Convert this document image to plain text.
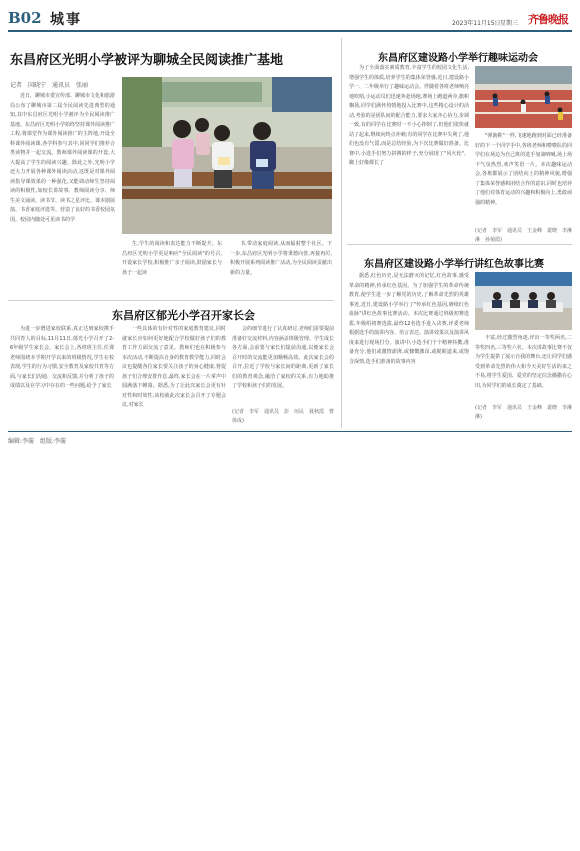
B02 城事	2023年11月15日 星期三 齐鲁晚报
东昌府区光明小学被评为聊城全民阅读推广基地
记者　国晓宁　通讯员　张丽

近日，聊城市委宣传部、聊城市文化和旅游局公布了聊城市第二届全民阅读先进典型的通知,其中东昌府区光明小学被评为全民阅读推广基地。东昌府区光明小学始终坚持课外阅读推广工程,将课堂作为课外阅读推广的主阵地,开设全科课外阅读课,各学科参与其中,同同学们推荐合类读物并一起交流。教师课外阅读课的开设,大大提高了学生的阅读兴趣。除此之外,光明小学还大力开展各种课外阅读活动,这既是对课外阅读指导课效果的一种强化,又能调动师生坚持阅读的积极性,如校长讲故事、教师阅读分享、师生美文诵读、读书节、读书之星评比、课本剧展演、书香家庭评选等。营造了良好的书香校园氛围。校园内随处可见读书的学

生,学生的阅读和表达能力不断提升。东昌府区光明小学更是响应"全民阅读"的号召,开设家长学校,积极推广亲子阅读,鼓励家长与孩子一起读

书,带动家庭阅读,从而辐射整个社区。下一步,东昌府区光明小学将秉德向善,再接再厉,积极开展系列阅读推广活动,为全民阅读贡献出新的力量。

东昌府区郁光小学召开家长会

为进一步增进家校联系,真正达到家校携手共同育人的目标,11月11日,郁光小学召开了2-6年级学生家长会。家长会上,各班班主任,任课老师围绕本学期开学以来的班级情况,学生在校表现,学生的行为习惯,安全教育及家校共育等方面,与家长们沟通、交流和反馈,并分析了孩子的成绩以及在学习中存在的一些问题,给予了家长

一些具体的有针对性的家庭教育建议,同时就家长应如何更好地配合学校做好孩子们的教育工作方面交流了意见。教师们也在积极参与本次活动,不断提高自身的教育教学能力,同时会议也提醒各位家长要关注孩子的身心健康,督促孩子们合理安排作息,最终,家长会在一片掌声中圆满落下帷幕。据悉,为了让此次家长会更有针对性和时效性,该校就此次家长会召开了专题会议,对家长

会的细节进行了认真研讨,老师们需要提前准备好交流材料,内容涵盖班级管理、学生成长各方面,会前要与家长们提前沟通,以便家长会召开时的交流能更加顺畅高效。此次家长会的召开,拉近了学校与家长间的距离,更新了家长们的教育观念,融洽了家校的关系,有力地助推了学校和孩子们的发展。

(记者　李军　通讯员　彭　垣民　聂秋霞　曹体成)
东昌府区建设路小学举行趣味运动会

为了全面落实素质教育,丰富学生的校园文化生活,增强学生的体质,培养学生的集体荣誉感,近日,建设路小学一、二年级举行了趣味运动会。伴随着各班老师响亮地吹哨,小运动员们迅速奔赴场地,赛场上跑道两旁,旗帜飘扬,同学们满怀热情地投入比赛中,这些精心设计的活动,考验的是团队间的配合能力,要求大家齐心协力,步调一致,有的同学在比赛时一不小心摔倒了,但他们很快就站了起来,继续向终点冲刺;有的同学在比赛中失利了,他们也没有气馁,而是总结经验,为下次比赛做好准备。比赛中,小选手们努力拼搏的样子,充分展现了"风火轮"、脚上好像都长了

"弹簧鞋"一样,飞速地跑到对面已经准备好的下一个同学手中,各班老师和啦啦队的同学们在场边为自己班的选手加油呐喊,场上场下气氛热烈,欢声笑语一片。本次趣味运动会,各班都展示了团结向上的精神风貌,增强了集体荣誉感和团结合作的意识,同时也培养了他们对体育运动的兴趣和积极向上,勇敢顽强的精神。

(记者　李军　通讯员　王金峰　裴晓　李淋淋　孙菊霞)
东昌府区建设路小学举行讲红色故事比赛

据悉,红色历史,是无法磨灭的记忆,红色故事,感受革命的精神,传承红色基因。为了加强学生的革命传统教育,使学生进一步了解党的历史,了解革命先烈的英雄事迹,近日,建设路小学举行了"传承红色基因,赓续红色血脉"讲红色故事比赛活动。本次比赛通过班级初赛选拔,年级组初赛选拔,最终12名选手进入决赛,评委老师根据选手的演讲内容、语言表达、演讲效果以及演讲风度来进行现场打分。演讲中,小选手们个个精神抖擞,准备充分,他们或激情澎湃,或慷慨激昂,或娓娓道来,或饱含深情,选手们准备的故事内容

丰富,经过激烈角逐,评出一等奖两名,二等奖四名,三等奖六名。本次讲故事比赛不仅为学生提供了展示自我的舞台,还让同学们感受到革命先烈的伟大和今天美好生活的来之不易,将学生爱国、爱党的坚定信念播撒在心田,为同学们的成长奠定了基础。

(记者　李军　通讯员　王金峰　裴晓　李淋淋)
编辑:李璇　组版:李璇
